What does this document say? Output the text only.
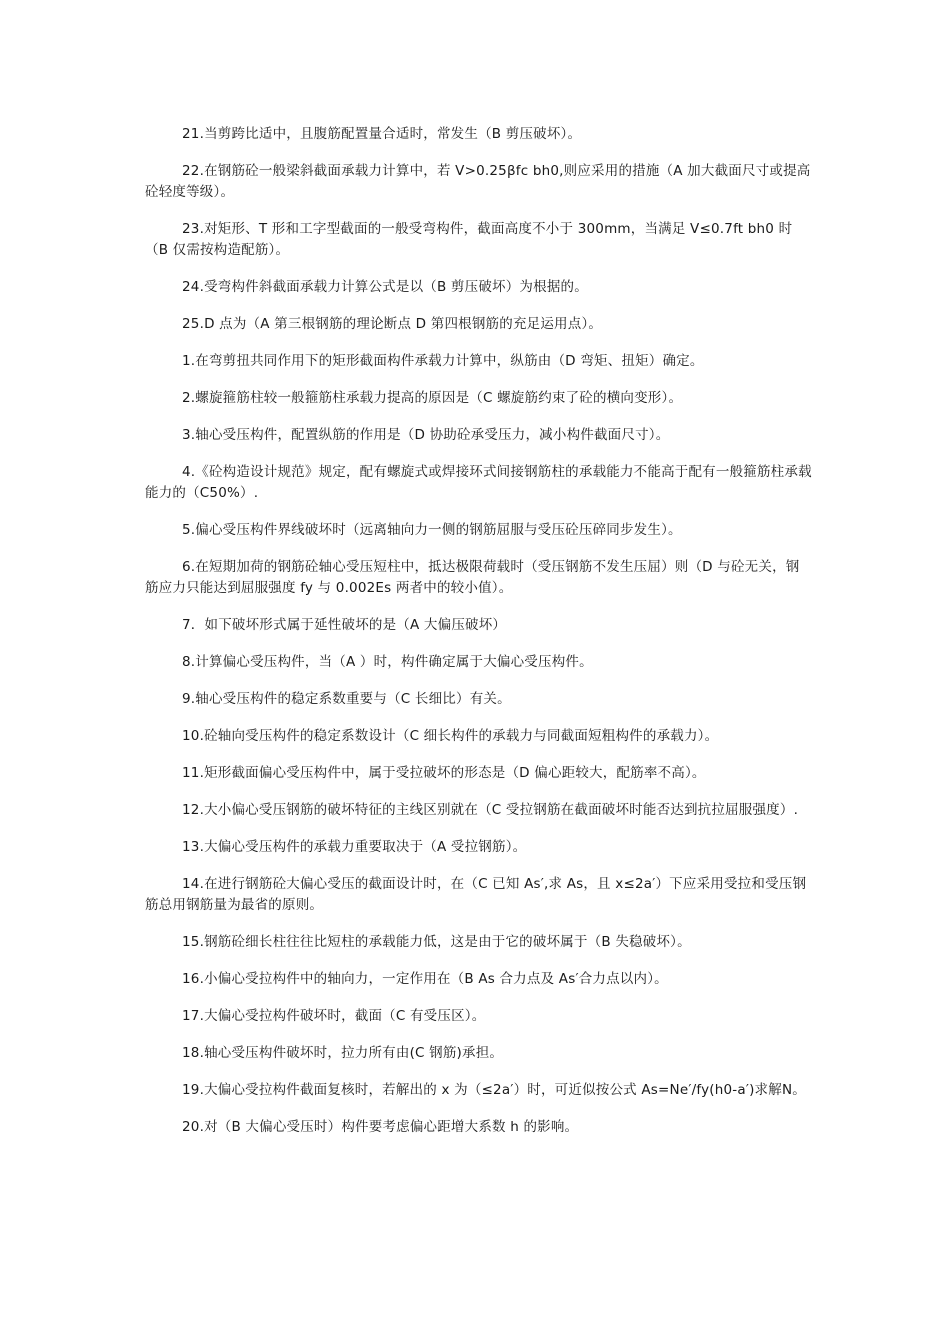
21.当剪跨比适中，且腹筋配置量合适时，常发生（B 剪压破坏）。

22.在钢筋砼一般梁斜截面承载力计算中，若 V>0.25βfc bh0,则应采用的措施（A 加大截面尺寸或提高砼轻度等级）。

23.对矩形、T 形和工字型截面的一般受弯构件，截面高度不小于 300mm，当满足 V≤0.7ft bh0 时（B 仅需按构造配筋）。

24.受弯构件斜截面承载力计算公式是以（B 剪压破坏）为根据的。

25.D 点为（A 第三根钢筋的理论断点 D 第四根钢筋的充足运用点）。

1.在弯剪扭共同作用下的矩形截面构件承载力计算中，纵筋由（D 弯矩、扭矩）确定。

2.螺旋箍筋柱较一般箍筋柱承载力提高的原因是（C 螺旋筋约束了砼的横向变形）。

3.轴心受压构件，配置纵筋的作用是（D 协助砼承受压力，减小构件截面尺寸）。

4.《砼构造设计规范》规定，配有螺旋式或焊接环式间接钢筋柱的承载能力不能高于配有一般箍筋柱承载能力的（C50%）.

5.偏心受压构件界线破坏时（远离轴向力一侧的钢筋屈服与受压砼压碎同步发生）。

6.在短期加荷的钢筋砼轴心受压短柱中，抵达极限荷载时（受压钢筋不发生压屈）则（D 与砼无关，钢筋应力只能达到屈服强度 fy 与 0.002Es 两者中的较小值）。

7．如下破坏形式属于延性破坏的是（A 大偏压破坏）

8.计算偏心受压构件，当（A ）时，构件确定属于大偏心受压构件。

9.轴心受压构件的稳定系数重要与（C 长细比）有关。

10.砼轴向受压构件的稳定系数设计（C 细长构件的承载力与同截面短粗构件的承载力）。

11.矩形截面偏心受压构件中，属于受拉破坏的形态是（D 偏心距较大，配筋率不高）。

12.大小偏心受压钢筋的破坏特征的主线区别就在（C 受拉钢筋在截面破坏时能否达到抗拉屈服强度）.

13.大偏心受压构件的承载力重要取决于（A 受拉钢筋）。

14.在进行钢筋砼大偏心受压的截面设计时，在（C 已知 As′,求 As，且 x≤2a′）下应采用受拉和受压钢筋总用钢筋量为最省的原则。

15.钢筋砼细长柱往往比短柱的承载能力低，这是由于它的破坏属于（B 失稳破坏）。

16.小偏心受拉构件中的轴向力，一定作用在（B As 合力点及 As′合力点以内）。

17.大偏心受拉构件破坏时，截面（C 有受压区）。

18.轴心受压构件破坏时，拉力所有由(C 钢筋)承担。

19.大偏心受拉构件截面复核时，若解出的 x 为（≤2a′）时，可近似按公式 As=Ne′/fy(h0-a′)求解N。

20.对（B 大偏心受压时）构件要考虑偏心距增大系数 h 的影响。
